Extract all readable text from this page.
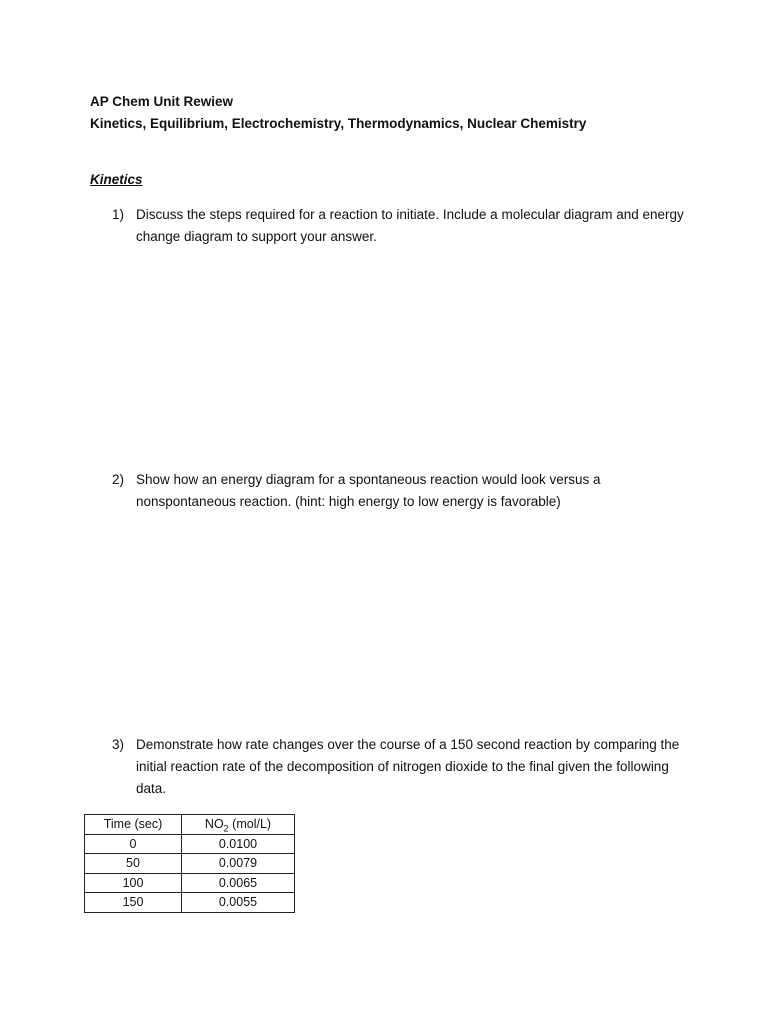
AP Chem Unit Rewiew
Kinetics, Equilibrium, Electrochemistry, Thermodynamics, Nuclear Chemistry
Kinetics
1) Discuss the steps required for a reaction to initiate. Include a molecular diagram and energy change diagram to support your answer.
2) Show how an energy diagram for a spontaneous reaction would look versus a nonspontaneous reaction. (hint: high energy to low energy is favorable)
3) Demonstrate how rate changes over the course of a 150 second reaction by comparing the initial reaction rate of the decomposition of nitrogen dioxide to the final given the following data.
Time (sec)	$NO_2$ (mol/L)
0	0.0100
50	0.0079
100	0.0065
150	0.0055
